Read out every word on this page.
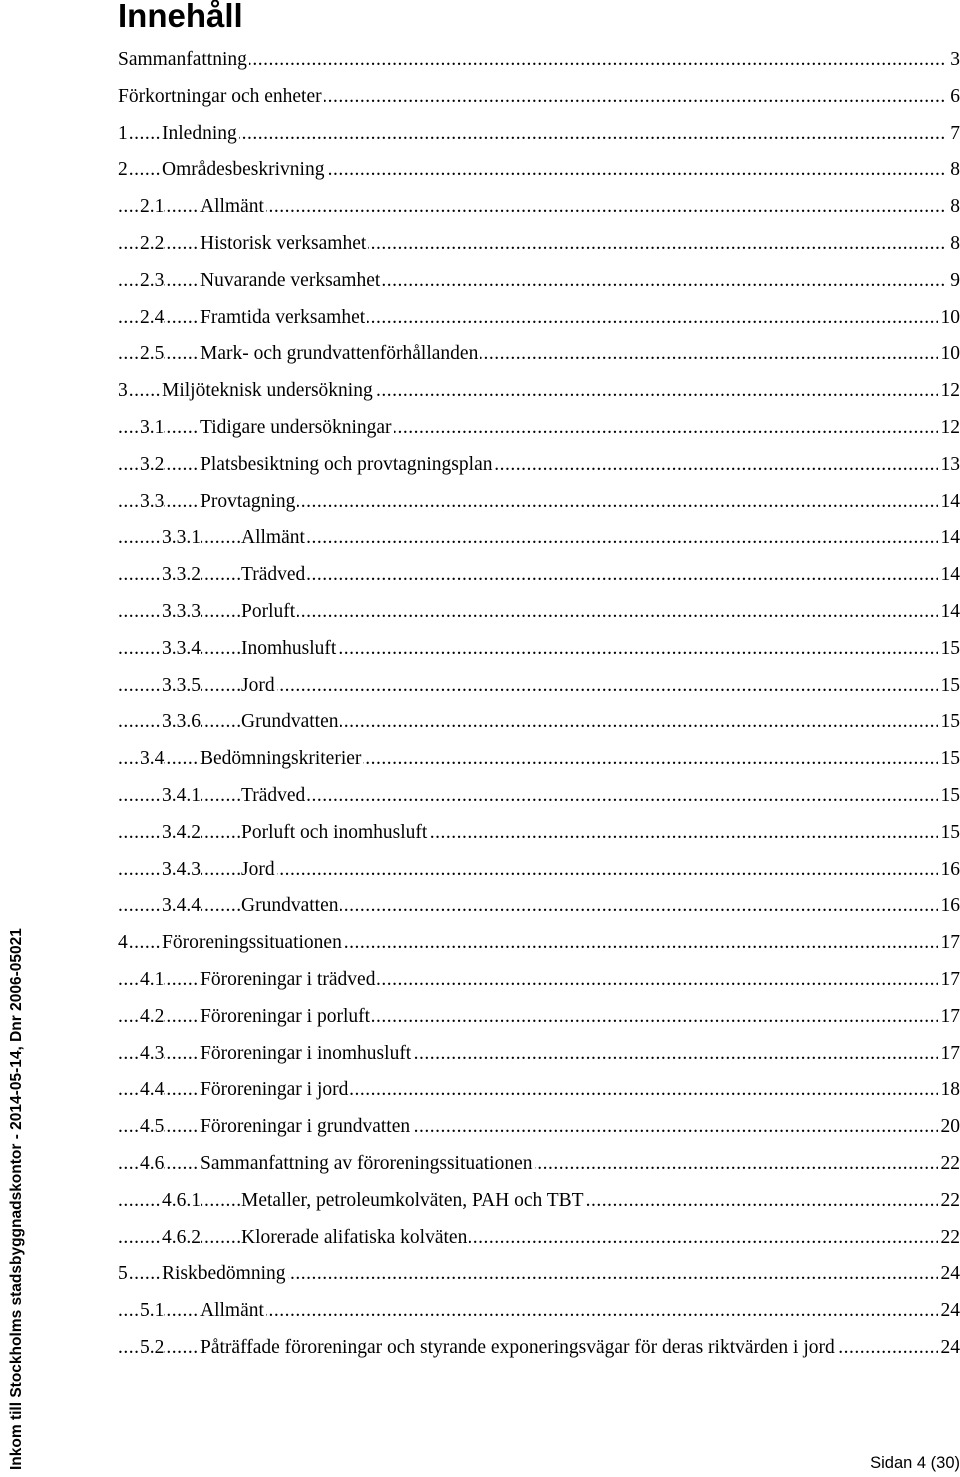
Innehåll
Sammanfattning	3
.....
Förkortningar och enheter	6
.....
1 Inledning	7
.....
2 Områdesbeskrivning	8
.....
2.1 Allmänt	8
.....
2.2 Historisk verksamhet	8
.....
2.3 Nuvarande verksamhet	9
.....
2.4 Framtida verksamhet	10
.....
2.5 Mark- och grundvattenförhållanden	10
.....
3 Miljöteknisk undersökning	12
.....
3.1 Tidigare undersökningar	12
.....
3.2 Platsbesiktning och provtagningsplan	13
.....
3.3 Provtagning	14
.....
3.3.1 Allmänt	14
.....
3.3.2 Trädved	14
.....
3.3.3 Porluft	14
.....
3.3.4 Inomhusluft	15
.....
3.3.5 Jord	15
.....
3.3.6 Grundvatten	15
.....
3.4 Bedömningskriterier	15
.....
3.4.1 Trädved	15
.....
3.4.2 Porluft och inomhusluft	15
.....
3.4.3 Jord	16
.....
3.4.4 Grundvatten	16
.....
4 Föroreningssituationen	17
.....
4.1 Föroreningar i trädved	17
.....
4.2 Föroreningar i porluft	17
.....
4.3 Föroreningar i inomhusluft	17
.....
4.4 Föroreningar i jord	18
.....
4.5 Föroreningar i grundvatten	20
.....
4.6 Sammanfattning av föroreningssituationen	22
.....
4.6.1 Metaller, petroleumkolväten, PAH och TBT	22
.....
4.6.2 Klorerade alifatiska kolväten	22
.....
5 Riskbedömning	24
.....
5.1 Allmänt	24
.....
5.2 Påträffade föroreningar och styrande exponeringsvägar för deras riktvärden i jord	24
.....
Inkom till Stockholms stadsbyggnadskontor - 2014-05-14, Dnr 2006-05021	Sidan 4 (30)
